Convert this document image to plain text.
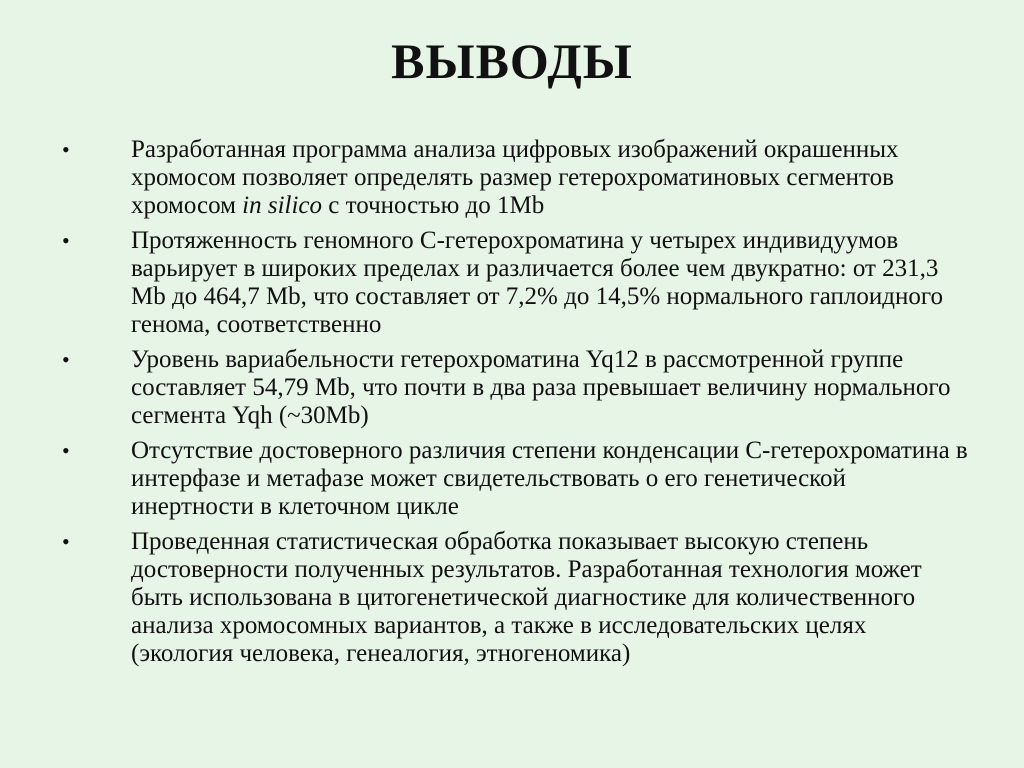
ВЫВОДЫ
• Разработанная программа анализа цифровых изображений окрашенных хромосом позволяет определять размер гетерохроматиновых сегментов хромосом in silico с точностью до 1Mb
• Протяженность геномного С-гетерохроматина у четырех индивидуумов варьирует в широких пределах и различается более чем двукратно: от 231,3 Mb до 464,7 Mb, что составляет от 7,2% до 14,5% нормального гаплоидного генома, соответственно
• Уровень вариабельности гетерохроматина Yq12 в рассмотренной группе составляет 54,79 Mb, что почти в два раза превышает величину нормального сегмента Yqh (~30Mb)
• Отсутствие достоверного различия степени конденсации С-гетерохроматина в интерфазе и метафазе может свидетельствовать о его генетической инертности в клеточном цикле
• Проведенная статистическая обработка показывает высокую степень достоверности полученных результатов. Разработанная технология может быть использована в цитогенетической диагностике для количественного анализа хромосомных вариантов, а также в исследовательских целях (экология человека, генеалогия, этногеномика)
